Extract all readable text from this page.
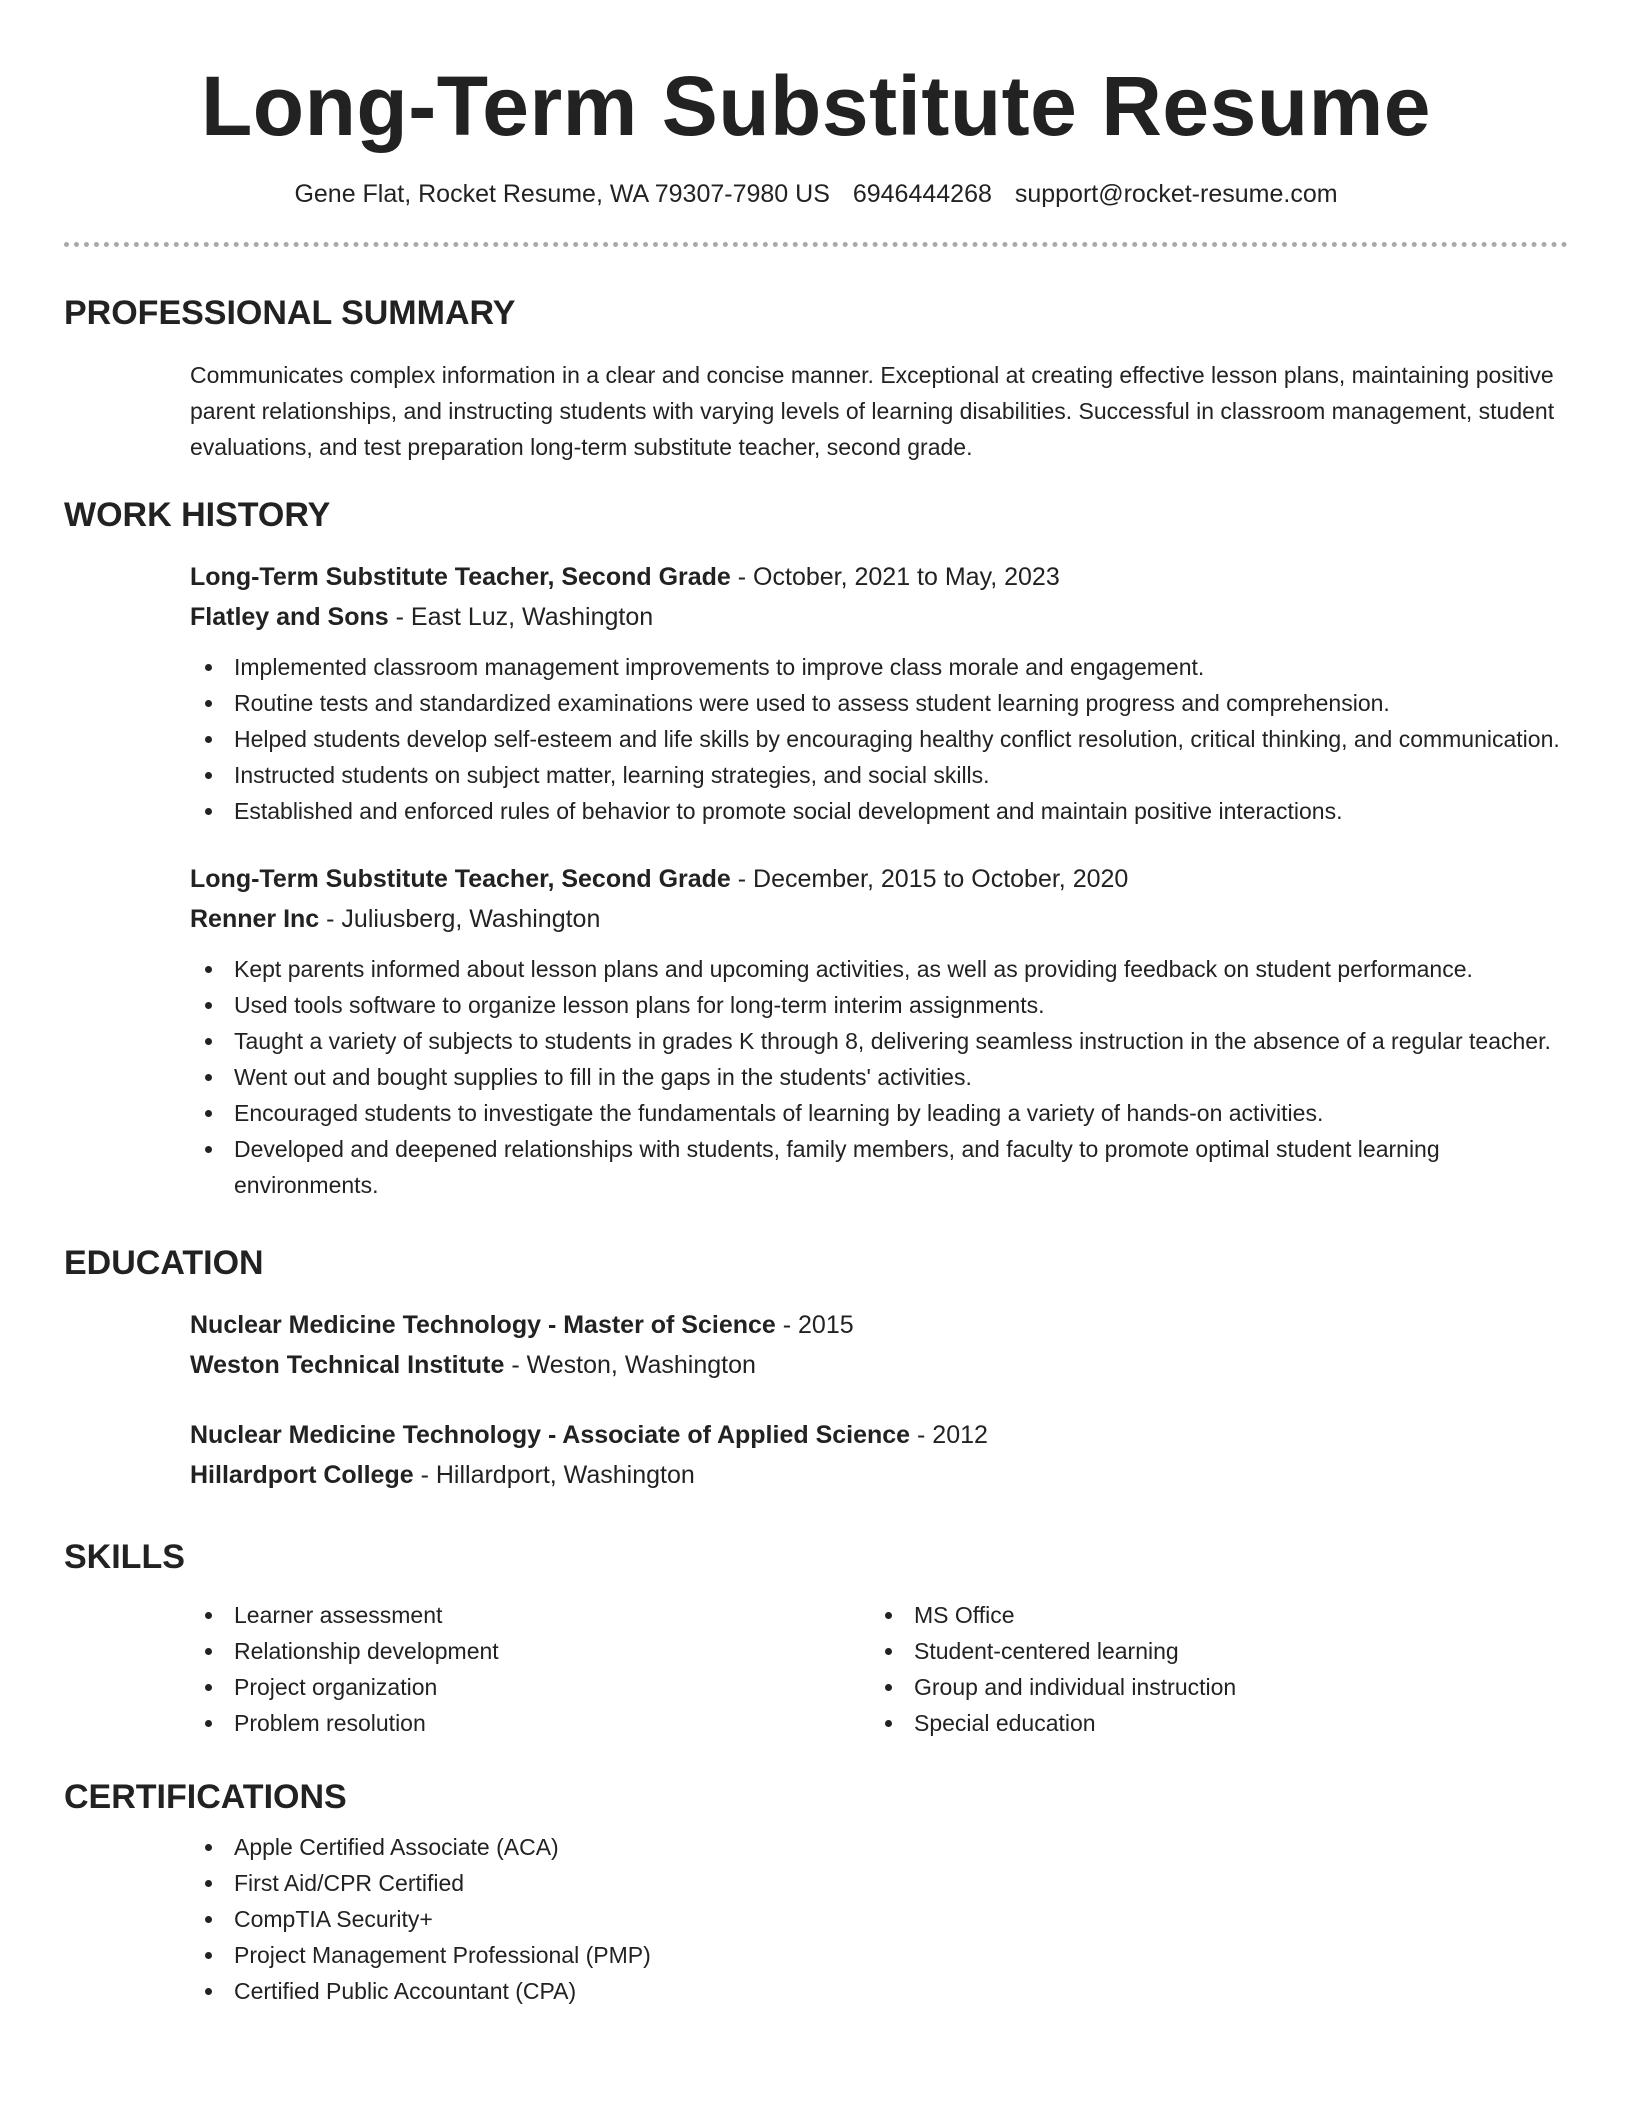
Long-Term Substitute Resume
Gene Flat, Rocket Resume, WA 79307-7980 US 6946444268 support@rocket-resume.com
PROFESSIONAL SUMMARY

Communicates complex information in a clear and concise manner. Exceptional at creating effective lesson plans, maintaining positive parent relationships, and instructing students with varying levels of learning disabilities. Successful in classroom management, student evaluations, and test preparation long-term substitute teacher, second grade.

WORK HISTORY
Long-Term Substitute Teacher, Second Grade - October, 2021 to May, 2023
Flatley and Sons - East Luz, Washington
Implemented classroom management improvements to improve class morale and engagement.
Routine tests and standardized examinations were used to assess student learning progress and comprehension.
Helped students develop self-esteem and life skills by encouraging healthy conflict resolution, critical thinking, and communication.
Instructed students on subject matter, learning strategies, and social skills.
Established and enforced rules of behavior to promote social development and maintain positive interactions.
Long-Term Substitute Teacher, Second Grade - December, 2015 to October, 2020
Renner Inc - Juliusberg, Washington
Kept parents informed about lesson plans and upcoming activities, as well as providing feedback on student performance.
Used tools software to organize lesson plans for long-term interim assignments.
Taught a variety of subjects to students in grades K through 8, delivering seamless instruction in the absence of a regular teacher.
Went out and bought supplies to fill in the gaps in the students' activities.
Encouraged students to investigate the fundamentals of learning by leading a variety of hands-on activities.
Developed and deepened relationships with students, family members, and faculty to promote optimal student learning environments.
EDUCATION
Nuclear Medicine Technology - Master of Science - 2015
Weston Technical Institute - Weston, Washington
Nuclear Medicine Technology - Associate of Applied Science - 2012
Hillardport College - Hillardport, Washington
SKILLS
Learner assessment
Relationship development
Project organization
Problem resolution
MS Office
Student-centered learning
Group and individual instruction
Special education
CERTIFICATIONS
Apple Certified Associate (ACA)
First Aid/CPR Certified
CompTIA Security+
Project Management Professional (PMP)
Certified Public Accountant (CPA)
